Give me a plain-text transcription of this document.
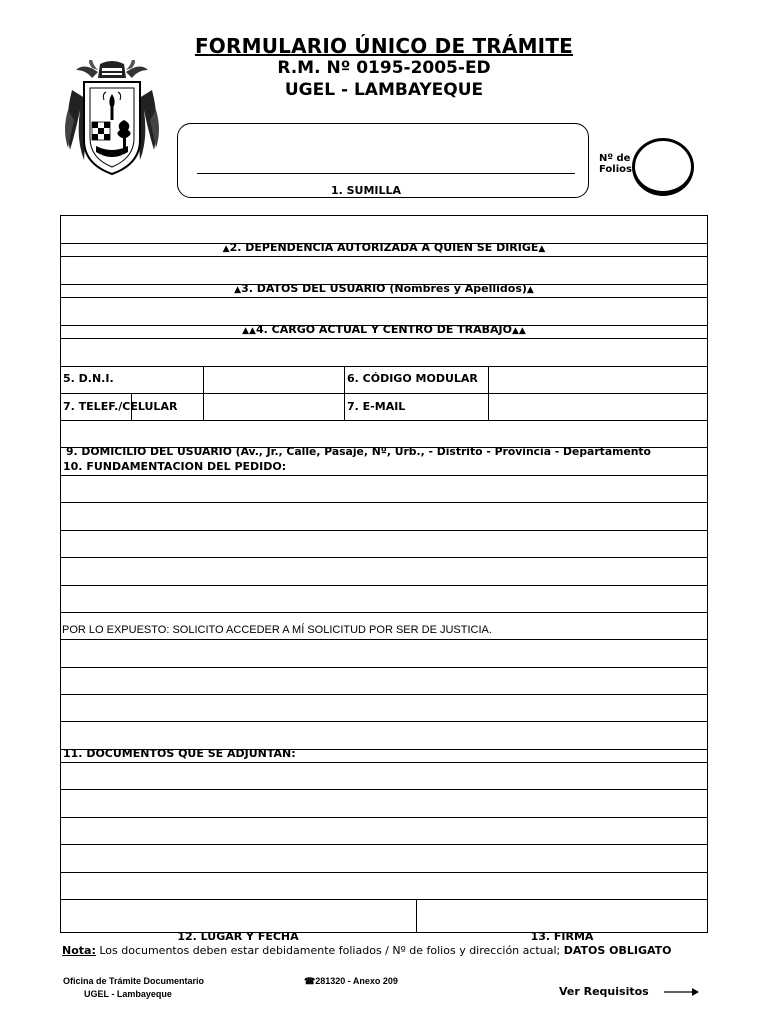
FORMULARIO ÚNICO DE TRÁMITE
R.M. Nº 0195-2005-ED
UGEL - LAMBAYEQUE
1. SUMILLA
Nº de
Folios
▲2. DEPENDENCIA AUTORIZADA A QUIEN SE DIRIGE▲
▲3. DATOS DEL USUARIO (Nombres y Apellidos)▲
▲▲4. CARGO ACTUAL Y CENTRO DE TRABAJO▲▲
5. D.N.I.	6. CÓDIGO MODULAR
7. TELEF./CELULAR	7. E-MAIL
9. DOMICILIO DEL USUARIO (Av., Jr., Calle, Pasaje, Nº, Urb., - Distrito - Provincia - Departamento
10. FUNDAMENTACION DEL PEDIDO:
POR LO EXPUESTO: SOLICITO ACCEDER A MÍ SOLICITUD POR SER DE JUSTICIA.
11. DOCUMENTOS QUE SE ADJUNTAN:
12. LUGAR Y FECHA	13. FIRMA
Nota: Los documentos deben estar debidamente foliados / Nº de folios y dirección actual; DATOS OBLIGATO
Oficina de Trámite Documentario
UGEL - Lambayeque
☎281320 - Anexo 209
Ver Requisitos
